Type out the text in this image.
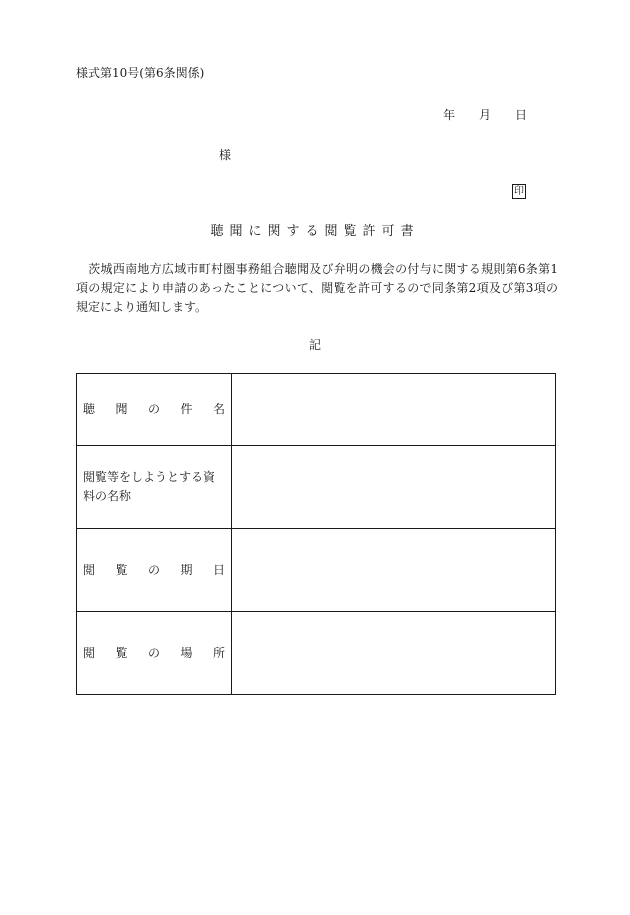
様式第10号(第6条関係)
年 月 日
様
印
聴聞に関する閲覧許可書
茨城西南地方広域市町村圏事務組合聴聞及び弁明の機会の付与に関する規則第6条第1項の規定により申請のあったことについて、閲覧を許可するので同条第2項及び第3項の規定により通知します。
記
聴 聞 の 件 名	

閲覧等をしようとする資料の名称	

閲 覧 の 期 日	

閲 覧 の 場 所	
